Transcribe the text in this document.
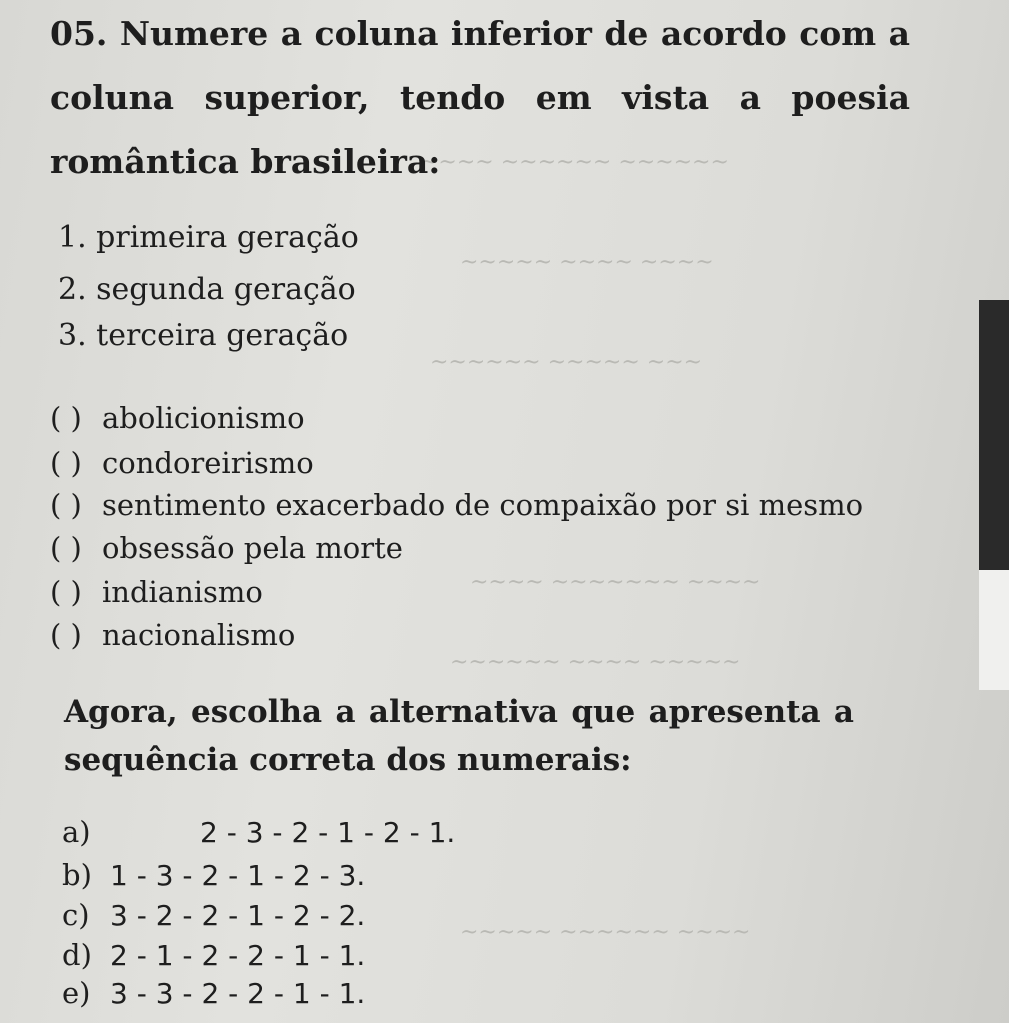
~~~~ ~~~~~~ ~~~~~~
~~~~~ ~~~~ ~~~~
~~~~~~ ~~~~~ ~~~
~~~~ ~~~~~~~ ~~~~
~~~~~~ ~~~~ ~~~~~
~~~~~ ~~~~~~ ~~~~

05. Numere a coluna inferior de acordo com a coluna superior, tendo em vista a poesia romântica brasileira:

1. primeira geração
2. segunda geração
3. terceira geração
( ) abolicionismo
( ) condoreirismo
( ) sentimento exacerbado de compaixão por si mesmo
( ) obsessão pela morte
( ) indianismo
( ) nacionalismo

Agora, escolha a alternativa que apresenta a sequência correta dos numerais:

a)	2 - 3 - 2 - 1 - 2 - 1.
b) 1 - 3 - 2 - 1 - 2 - 3.
c) 3 - 2 - 2 - 1 - 2 - 2.
d) 2 - 1 - 2 - 2 - 1 - 1.
e) 3 - 3 - 2 - 2 - 1 - 1.
